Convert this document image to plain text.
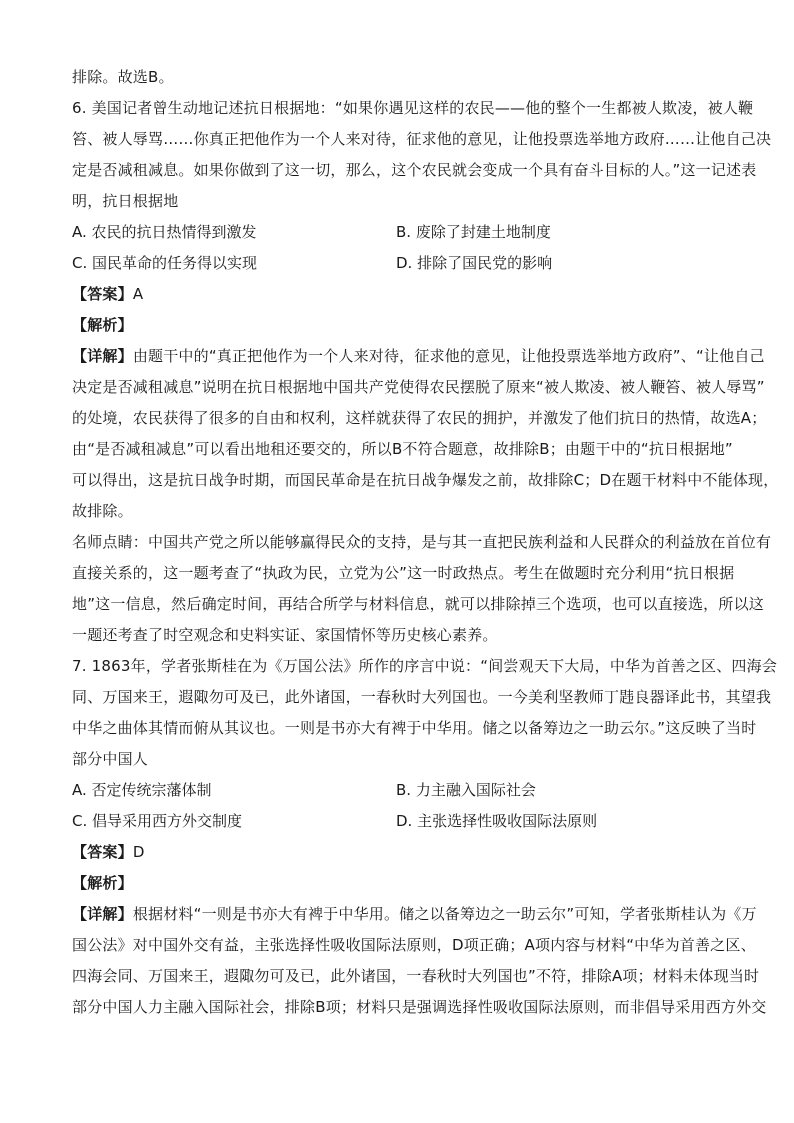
排除。故选B。
6. 美国记者曾生动地记述抗日根据地：“如果你遇见这样的农民——他的整个一生都被人欺凌，被人鞭
笞、被人辱骂……你真正把他作为一个人来对待，征求他的意见，让他投票选举地方政府……让他自己决
定是否减租减息。如果你做到了这一切，那么，这个农民就会变成一个具有奋斗目标的人。”这一记述表
明，抗日根据地
A. 农民的抗日热情得到激发	B. 废除了封建土地制度
C. 国民革命的任务得以实现	D. 排除了国民党的影响
【答案】A
【解析】
【详解】由题干中的“真正把他作为一个人来对待，征求他的意见，让他投票选举地方政府”、“让他自己
决定是否减租减息”说明在抗日根据地中国共产党使得农民摆脱了原来“被人欺凌、被人鞭笞、被人辱骂”
的处境，农民获得了很多的自由和权利，这样就获得了农民的拥护，并激发了他们抗日的热情，故选A；
由“是否减租减息”可以看出地租还要交的，所以B不符合题意，故排除B；由题干中的“抗日根据地”
可以得出，这是抗日战争时期，而国民革命是在抗日战争爆发之前，故排除C；D在题干材料中不能体现，
故排除。
名师点睛：中国共产党之所以能够赢得民众的支持，是与其一直把民族利益和人民群众的利益放在首位有
直接关系的，这一题考查了“执政为民，立党为公”这一时政热点。考生在做题时充分利用“抗日根据
地”这一信息，然后确定时间，再结合所学与材料信息，就可以排除掉三个选项，也可以直接选，所以这
一题还考查了时空观念和史料实证、家国情怀等历史核心素养。
7. 1863年，学者张斯桂在为《万国公法》所作的序言中说：“间尝观天下大局，中华为首善之区、四海会
同、万国来王，遐陬勿可及已，此外诸国，一春秋时大列国也。一今美利坚教师丁韪良器译此书，其望我
中华之曲体其情而俯从其议也。一则是书亦大有裨于中华用。储之以备筹边之一助云尔。”这反映了当时
部分中国人
A. 否定传统宗藩体制	B. 力主融入国际社会
C. 倡导采用西方外交制度	D. 主张选择性吸收国际法原则
【答案】D
【解析】
【详解】根据材料“一则是书亦大有裨于中华用。储之以备筹边之一助云尔”可知，学者张斯桂认为《万
国公法》对中国外交有益，主张选择性吸收国际法原则，D项正确；A项内容与材料“中华为首善之区、
四海会同、万国来王，遐陬勿可及已，此外诸国，一春秋时大列国也”不符，排除A项；材料未体现当时
部分中国人力主融入国际社会，排除B项；材料只是强调选择性吸收国际法原则，而非倡导采用西方外交
